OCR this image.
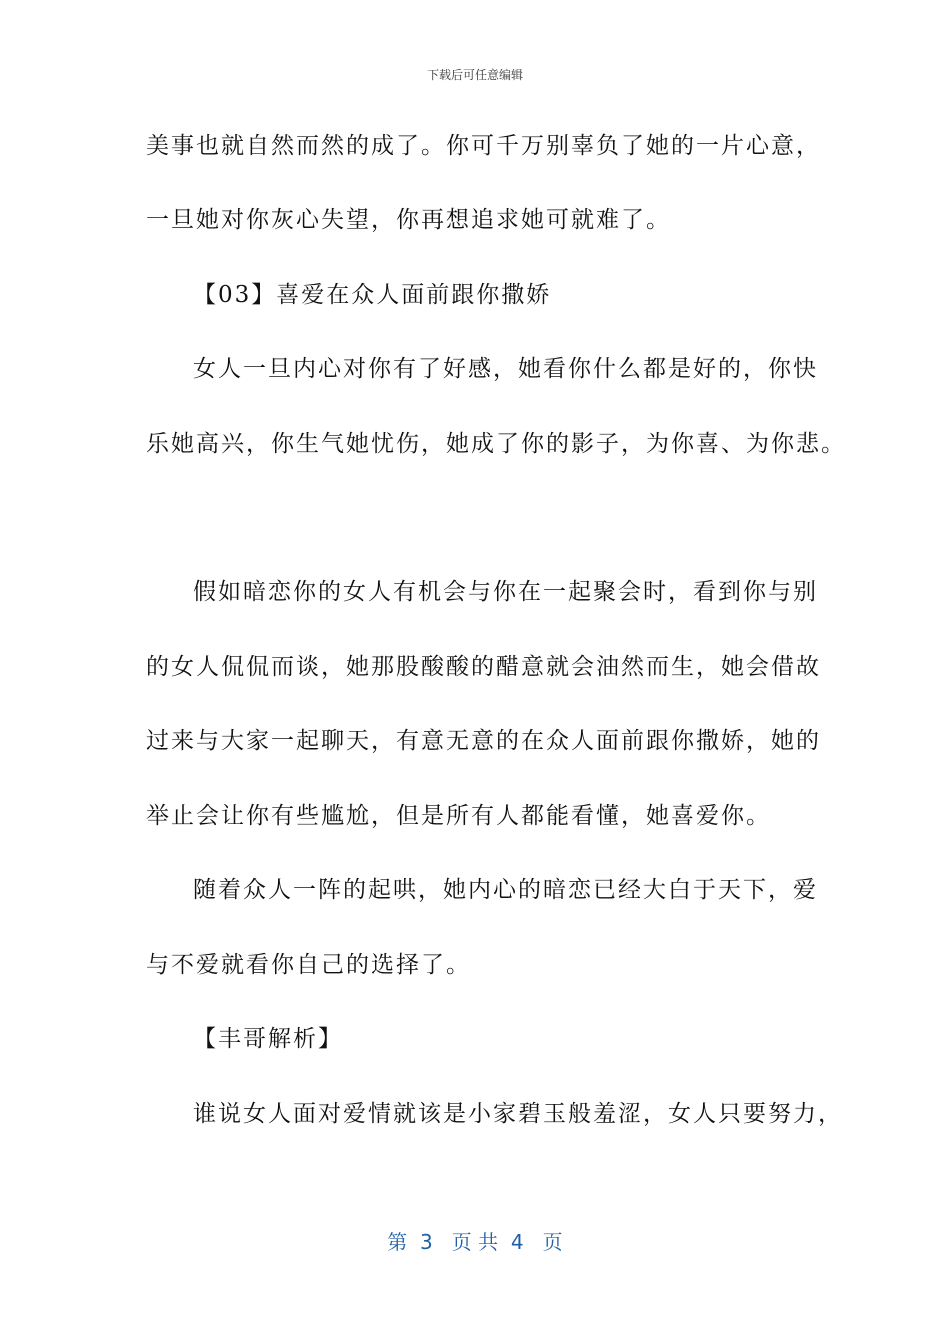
下载后可任意编辑
美事也就自然而然的成了。你可千万别辜负了她的一片心意，
一旦她对你灰心失望，你再想追求她可就难了。
【03】喜爱在众人面前跟你撒娇
女人一旦内心对你有了好感，她看你什么都是好的，你快
乐她高兴，你生气她忧伤，她成了你的影子，为你喜、为你悲。
假如暗恋你的女人有机会与你在一起聚会时，看到你与别
的女人侃侃而谈，她那股酸酸的醋意就会油然而生，她会借故
过来与大家一起聊天，有意无意的在众人面前跟你撒娇，她的
举止会让你有些尴尬，但是所有人都能看懂，她喜爱你。
随着众人一阵的起哄，她内心的暗恋已经大白于天下，爱
与不爱就看你自己的选择了。
【丰哥解析】
谁说女人面对爱情就该是小家碧玉般羞涩，女人只要努力，
第  3   页 共  4   页
